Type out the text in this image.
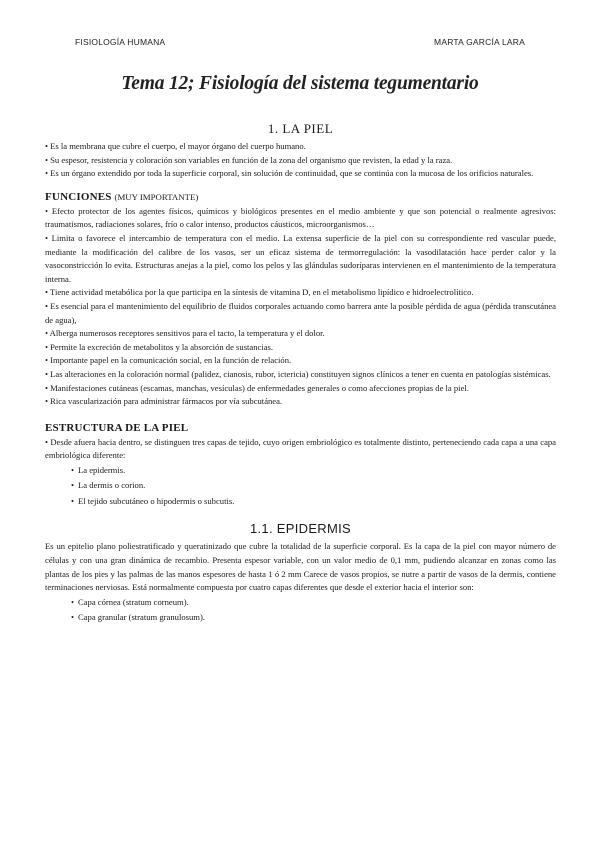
FISIOLOGÍA HUMANA	MARTA GARCÍA LARA
Tema 12; Fisiología del sistema tegumentario
1. LA PIEL

• Es la membrana que cubre el cuerpo, el mayor órgano del cuerpo humano.

• Su espesor, resistencia y coloración son variables en función de la zona del organismo que revisten, la edad y la raza.

• Es un órgano extendido por toda la superficie corporal, sin solución de continuidad, que se continúa con la mucosa de los orificios naturales.

FUNCIONES (MUY IMPORTANTE)

• Efecto protector de los agentes físicos, químicos y biológicos presentes en el medio ambiente y que son potencial o realmente agresivos: traumatismos, radiaciones solares, frío o calor intenso, productos cáusticos, microorganismos…

• Limita o favorece el intercambio de temperatura con el medio. La extensa superficie de la piel con su correspondiente red vascular puede, mediante la modificación del calibre de los vasos, ser un eficaz sistema de termorregulación: la vasodilatación hace perder calor y la vasoconstricción lo evita. Estructuras anejas a la piel, como los pelos y las glándulas sudoríparas intervienen en el mantenimiento de la temperatura interna.

• Tiene actividad metabólica por la que participa en la síntesis de vitamina D, en el metabolismo lipídico e hidroelectrolítico.

• Es esencial para el mantenimiento del equilibrio de fluidos corporales actuando como barrera ante la posible pérdida de agua (pérdida transcutánea de agua),

• Alberga numerosos receptores sensitivos para el tacto, la temperatura y el dolor.

• Permite la excreción de metabolitos y la absorción de sustancias.

• Importante papel en la comunicación social, en la función de relación.

• Las alteraciones en la coloración normal (palidez, cianosis, rubor, ictericia) constituyen signos clínicos a tener en cuenta en patologías sistémicas.

• Manifestaciones cutáneas (escamas, manchas, vesículas) de enfermedades generales o como afecciones propias de la piel.

• Rica vascularización para administrar fármacos por vía subcutánea.

ESTRUCTURA DE LA PIEL

• Desde afuera hacia dentro, se distinguen tres capas de tejido, cuyo origen embriológico es totalmente distinto, perteneciendo cada capa a una capa embriológica diferente:

• La epidermis.
• La dermis o corion.
• El tejido subcutáneo o hipodermis o subcutis.
1.1. EPIDERMIS

Es un epitelio plano poliestratificado y queratinizado que cubre la totalidad de la superficie corporal. Es la capa de la piel con mayor número de células y con una gran dinámica de recambio. Presenta espesor variable, con un valor medio de 0,1 mm, pudiendo alcanzar en zonas como las plantas de los pies y las palmas de las manos espesores de hasta 1 ó 2 mm Carece de vasos propios, se nutre a partir de vasos de la dermis, contiene terminaciones nerviosas. Está normalmente compuesta por cuatro capas diferentes que desde el exterior hacia el interior son:

• Capa córnea (stratum corneum).
• Capa granular (stratum granulosum).
